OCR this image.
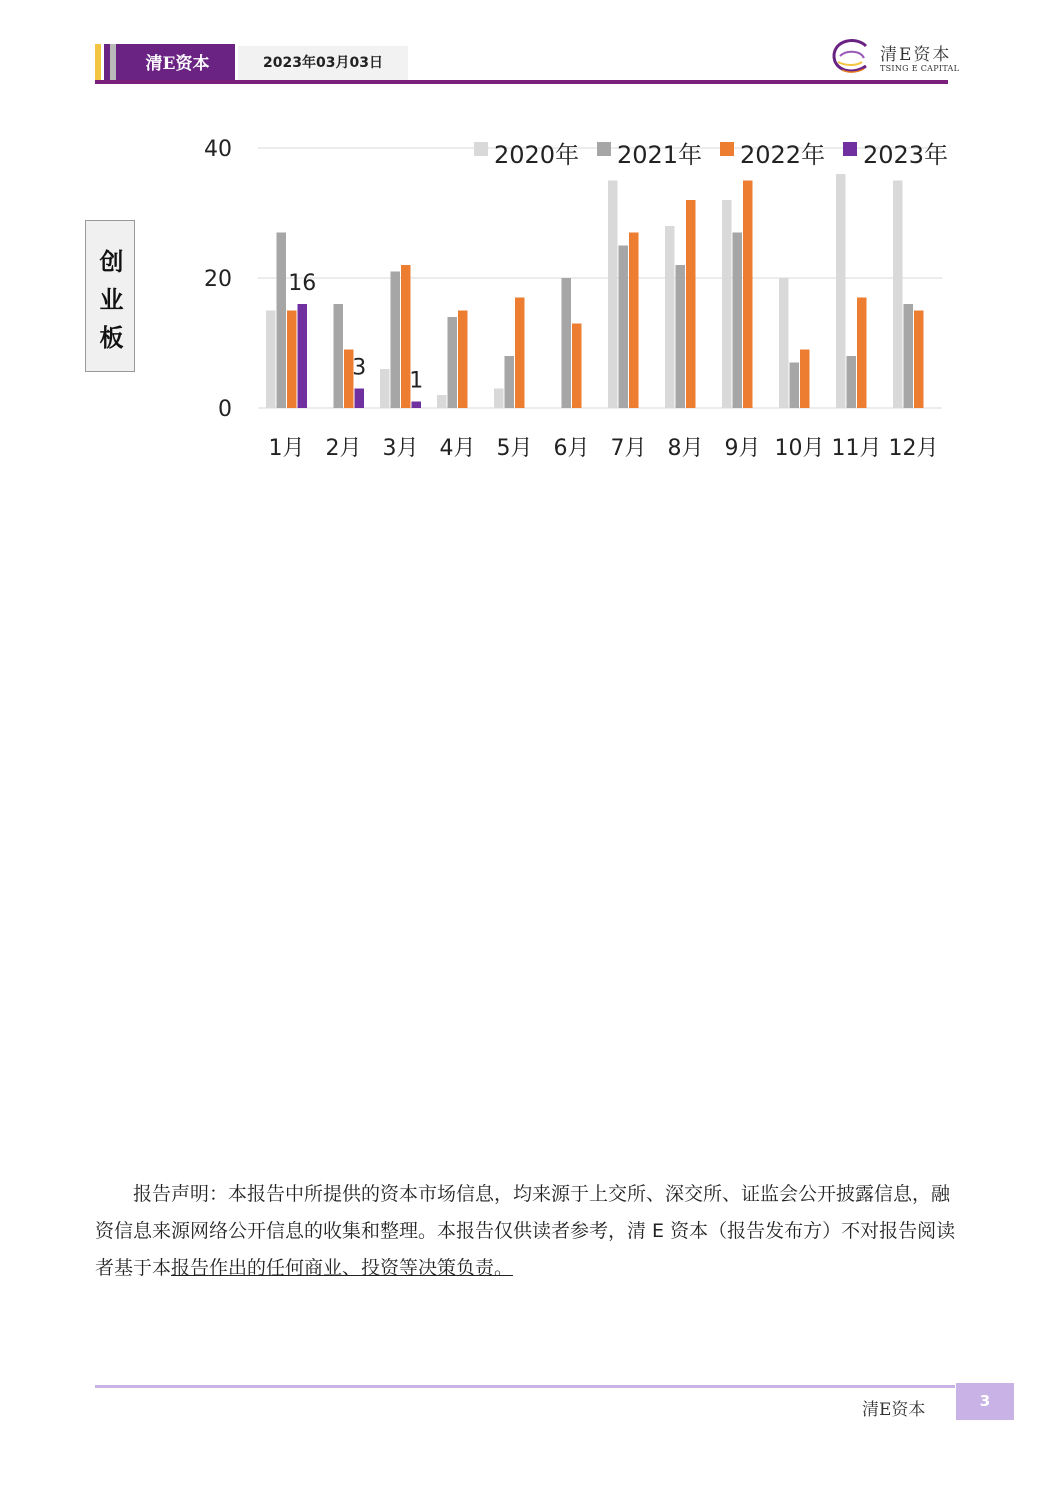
清E资本	2023年03月03日	清E资本
TSING E CAPITAL
创业板
0
20
40
1月 2月 3月 4月 5月 6月 7月 8月 9月 10月 11月 12月
16
3
1
2020年 2021年 2022年 2023年

报告声明：本报告中所提供的资本市场信息，均来源于上交所、深交所、证监会公开披露信息，融资信息来源网络公开信息的收集和整理。本报告仅供读者参考，清 E 资本（报告发布方）不对报告阅读者基于本报告作出的任何商业、投资等决策负责。

清E资本	3
